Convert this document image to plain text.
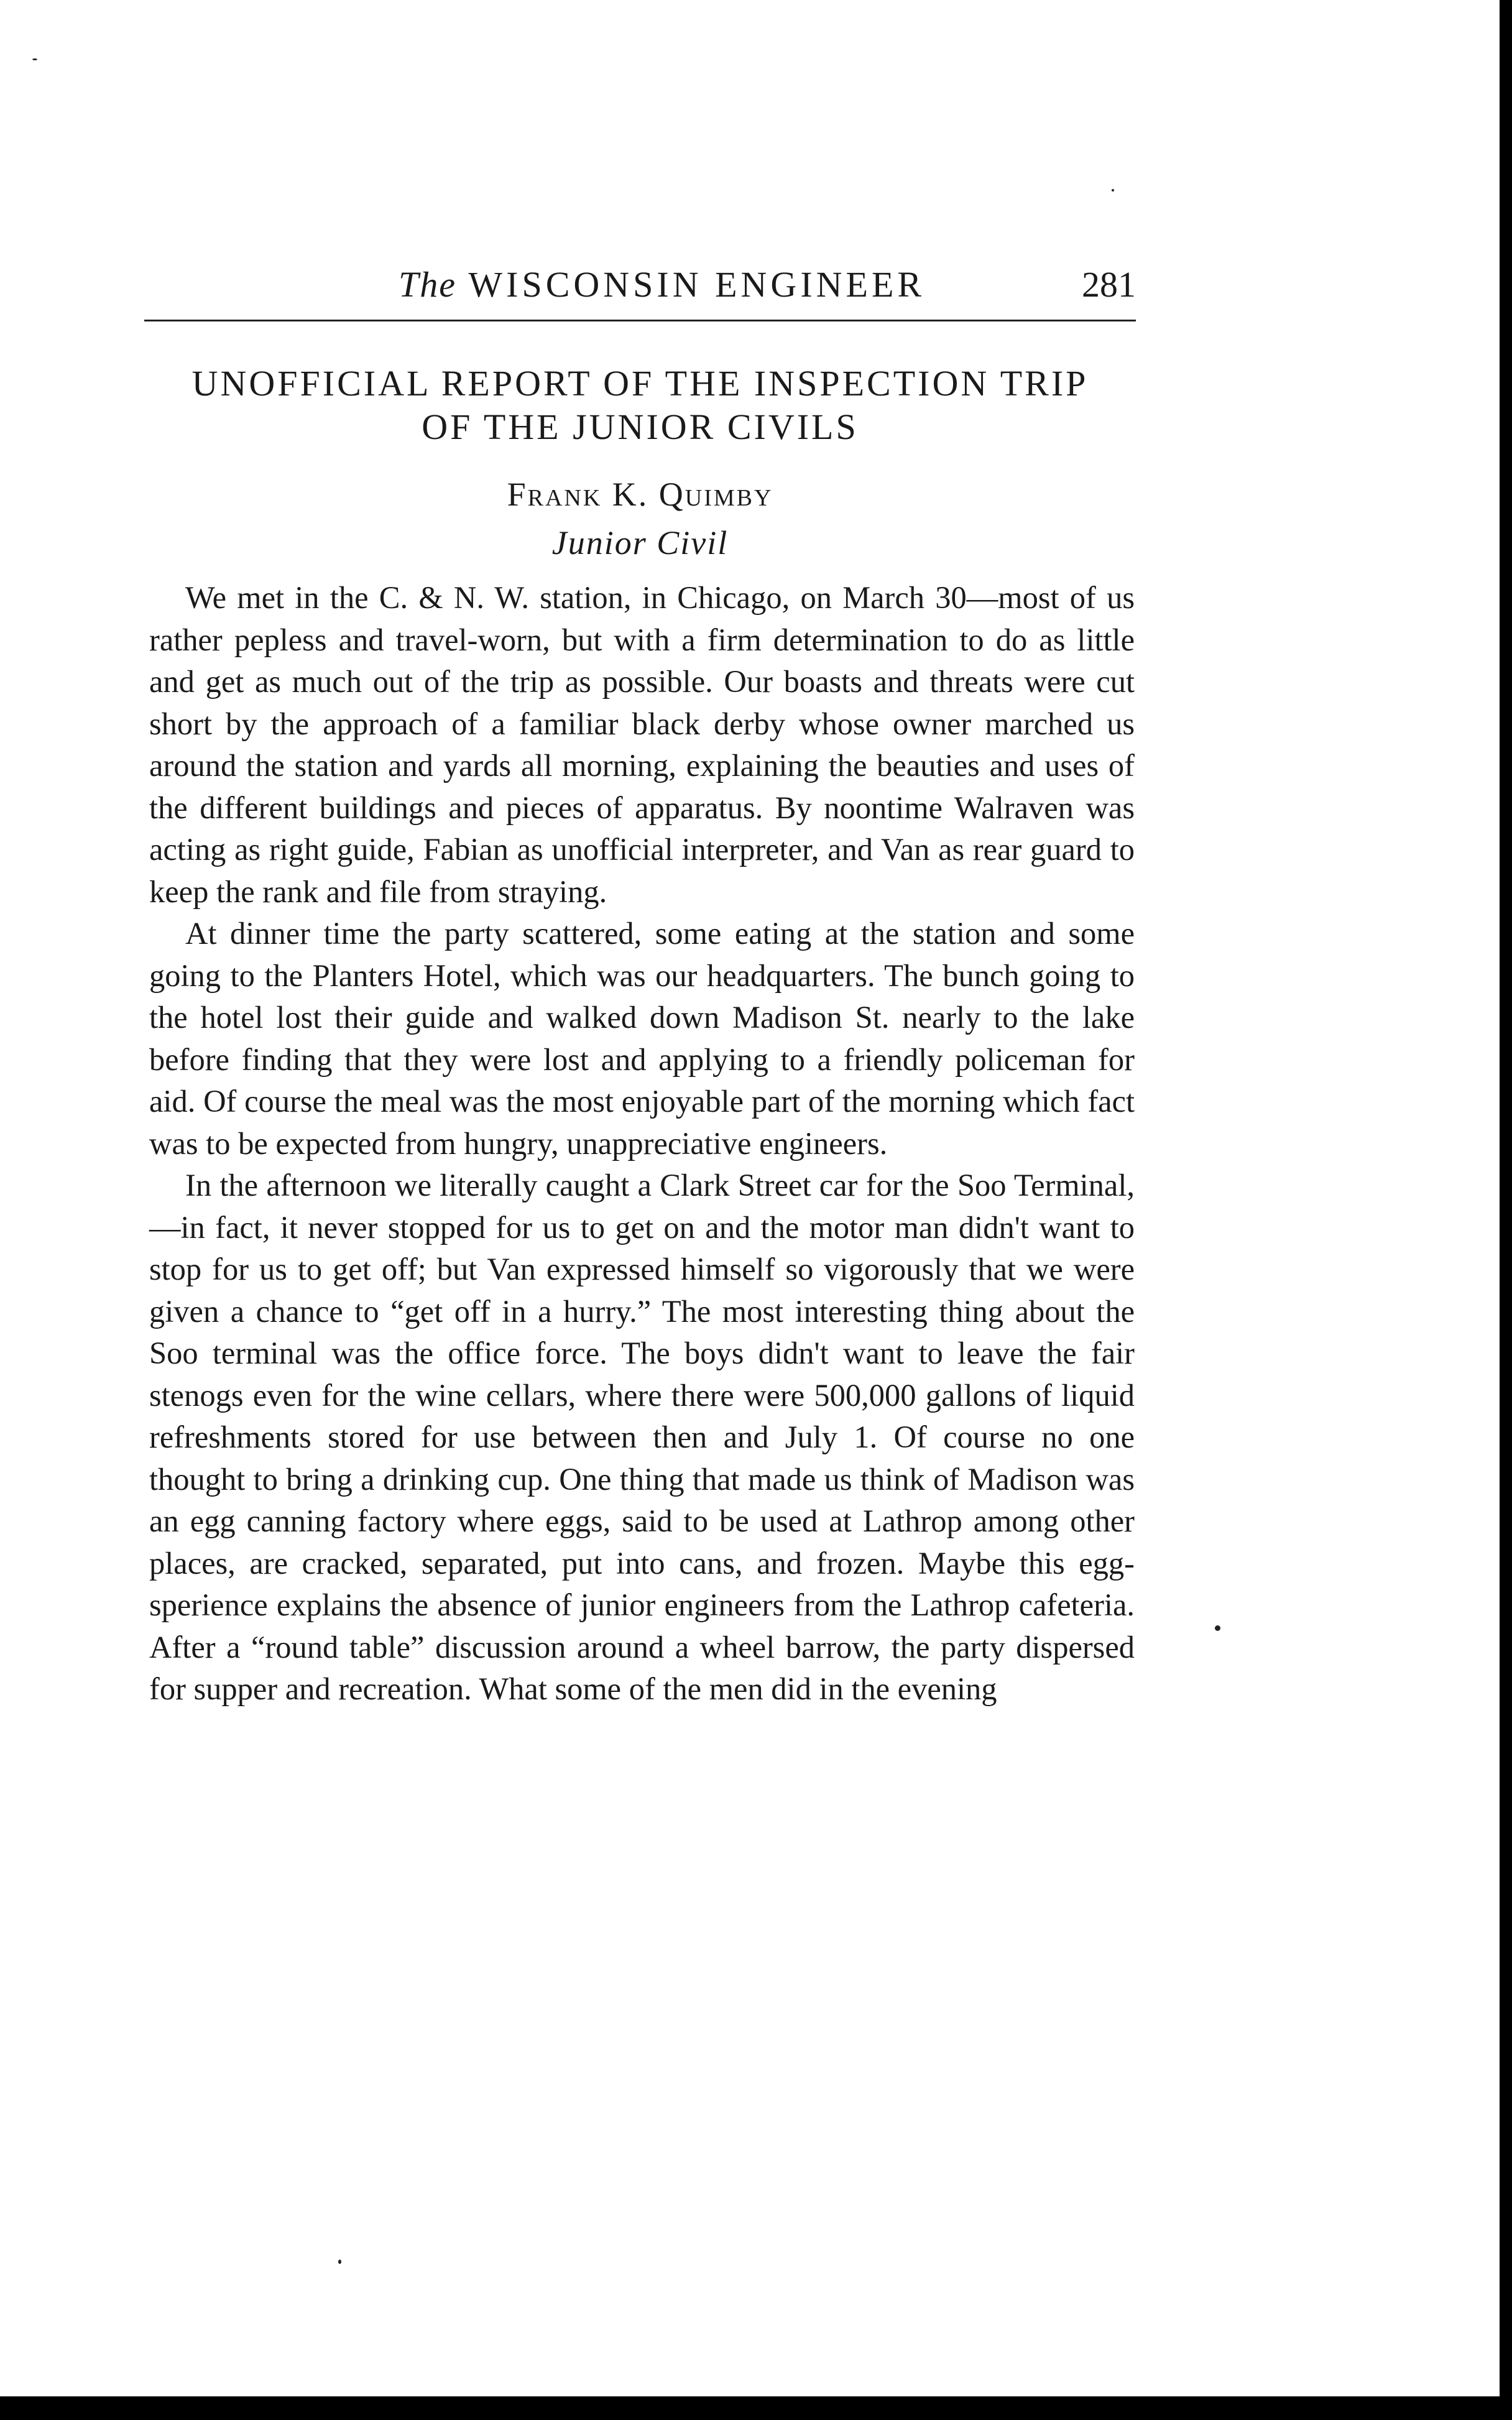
The WISCONSIN ENGINEER	281
UNOFFICIAL REPORT OF THE INSPECTION TRIP
OF THE JUNIOR CIVILS
Frank K. Quimby
Junior Civil

We met in the C. & N. W. station, in Chicago, on March 30—most of us rather pepless and travel-worn, but with a firm determination to do as little and get as much out of the trip as possible. Our boasts and threats were cut short by the approach of a familiar black derby whose owner marched us around the station and yards all morning, explaining the beauties and uses of the different buildings and pieces of apparatus. By noontime Walraven was acting as right guide, Fabian as unofficial interpreter, and Van as rear guard to keep the rank and file from straying.

At dinner time the party scattered, some eating at the station and some going to the Planters Hotel, which was our headquarters. The bunch going to the hotel lost their guide and walked down Madison St. nearly to the lake before finding that they were lost and applying to a friendly policeman for aid. Of course the meal was the most enjoyable part of the morning which fact was to be expected from hungry, unappreciative engineers.

In the afternoon we literally caught a Clark Street car for the Soo Terminal,—in fact, it never stopped for us to get on and the motor man didn't want to stop for us to get off; but Van expressed himself so vigorously that we were given a chance to “get off in a hurry.” The most interesting thing about the Soo terminal was the office force. The boys didn't want to leave the fair stenogs even for the wine cellars, where there were 500,000 gallons of liquid refreshments stored for use between then and July 1. Of course no one thought to bring a drinking cup. One thing that made us think of Madison was an egg canning factory where eggs, said to be used at Lathrop among other places, are cracked, separated, put into cans, and frozen. Maybe this egg-sperience explains the absence of junior engineers from the Lathrop cafeteria. After a “round table” discussion around a wheel barrow, the party dispersed for supper and recreation. What some of the men did in the evening
